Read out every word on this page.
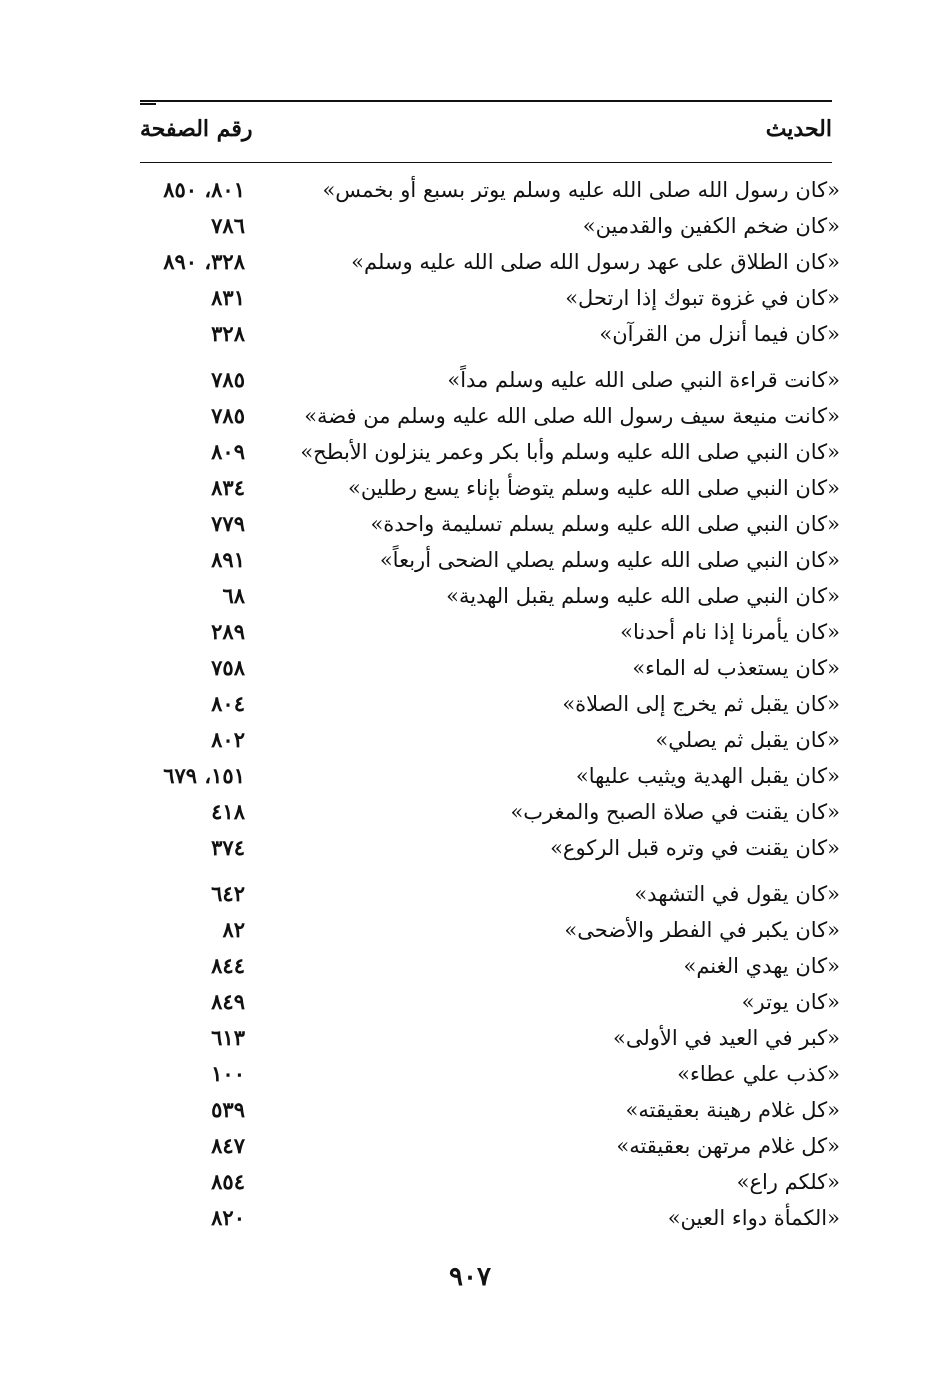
الحديث
رقم الصفحة
«كان رسول الله صلى الله عليه وسلم يوتر بسبع أو بخمس»
٨٠١، ٨٥٠
«كان ضخم الكفين والقدمين»
٧٨٦
«كان الطلاق على عهد رسول الله صلى الله عليه وسلم»
٣٢٨، ٨٩٠
«كان في غزوة تبوك إذا ارتحل»
٨٣١
«كان فيما أنزل من القرآن»
٣٢٨
«كانت قراءة النبي صلى الله عليه وسلم مداً»
٧٨٥
«كانت منيعة سيف رسول الله صلى الله عليه وسلم من فضة»
٧٨٥
«كان النبي صلى الله عليه وسلم وأبا بكر وعمر ينزلون الأبطح»
٨٠٩
«كان النبي صلى الله عليه وسلم يتوضأ بإناء يسع رطلين»
٨٣٤
«كان النبي صلى الله عليه وسلم يسلم تسليمة واحدة»
٧٧٩
«كان النبي صلى الله عليه وسلم يصلي الضحى أربعاً»
٨٩١
«كان النبي صلى الله عليه وسلم يقبل الهدية»
٦٨
«كان يأمرنا إذا نام أحدنا»
٢٨٩
«كان يستعذب له الماء»
٧٥٨
«كان يقبل ثم يخرج إلى الصلاة»
٨٠٤
«كان يقبل ثم يصلي»
٨٠٢
«كان يقبل الهدية ويثيب عليها»
١٥١، ٦٧٩
«كان يقنت في صلاة الصبح والمغرب»
٤١٨
«كان يقنت في وتره قبل الركوع»
٣٧٤
«كان يقول في التشهد»
٦٤٢
«كان يكبر في الفطر والأضحى»
٨٢
«كان يهدي الغنم»
٨٤٤
«كان يوتر»
٨٤٩
«كبر في العيد في الأولى»
٦١٣
«كذب علي عطاء»
١٠٠
«كل غلام رهينة بعقيقته»
٥٣٩
«كل غلام مرتهن بعقيقته»
٨٤٧
«كلكم راع»
٨٥٤
«الكمأة دواء العين»
٨٢٠
٩٠٧
